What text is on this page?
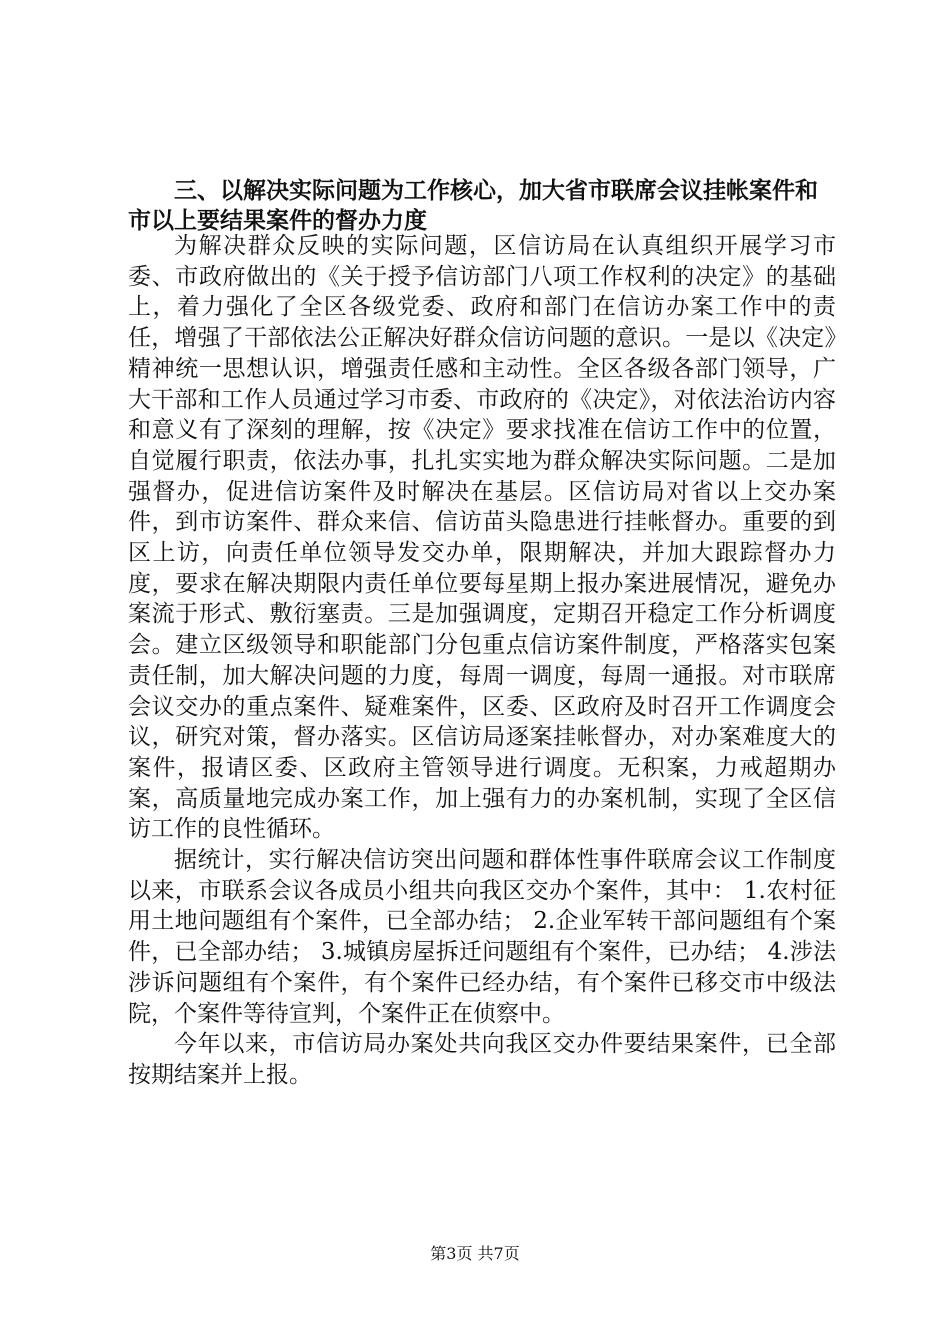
三、以解决实际问题为工作核心，加大省市联席会议挂帐案件和市以上要结果案件的督办力度

为解决群众反映的实际问题，区信访局在认真组织开展学习市委、市政府做出的《关于授予信访部门八项工作权利的决定》的基础上，着力强化了全区各级党委、政府和部门在信访办案工作中的责任，增强了干部依法公正解决好群众信访问题的意识。一是以《决定》精神统一思想认识，增强责任感和主动性。全区各级各部门领导，广大干部和工作人员通过学习市委、市政府的《决定》，对依法治访内容和意义有了深刻的理解，按《决定》要求找准在信访工作中的位置，自觉履行职责，依法办事，扎扎实实地为群众解决实际问题。二是加强督办，促进信访案件及时解决在基层。区信访局对省以上交办案件，到市访案件、群众来信、信访苗头隐患进行挂帐督办。重要的到区上访，向责任单位领导发交办单，限期解决，并加大跟踪督办力度，要求在解决期限内责任单位要每星期上报办案进展情况，避免办案流于形式、敷衍塞责。三是加强调度，定期召开稳定工作分析调度会。建立区级领导和职能部门分包重点信访案件制度，严格落实包案责任制，加大解决问题的力度，每周一调度，每周一通报。对市联席会议交办的重点案件、疑难案件，区委、区政府及时召开工作调度会议，研究对策，督办落实。区信访局逐案挂帐督办，对办案难度大的案件，报请区委、区政府主管领导进行调度。无积案，力戒超期办案，高质量地完成办案工作，加上强有力的办案机制，实现了全区信访工作的良性循环。

据统计，实行解决信访突出问题和群体性事件联席会议工作制度以来，市联系会议各成员小组共向我区交办个案件，其中： 1.农村征用土地问题组有个案件，已全部办结； 2.企业军转干部问题组有个案件，已全部办结； 3.城镇房屋拆迁问题组有个案件，已办结； 4.涉法涉诉问题组有个案件，有个案件已经办结，有个案件已移交市中级法院，个案件等待宣判，个案件正在侦察中。

今年以来，市信访局办案处共向我区交办件要结果案件，已全部按期结案并上报。

第3页 共7页
